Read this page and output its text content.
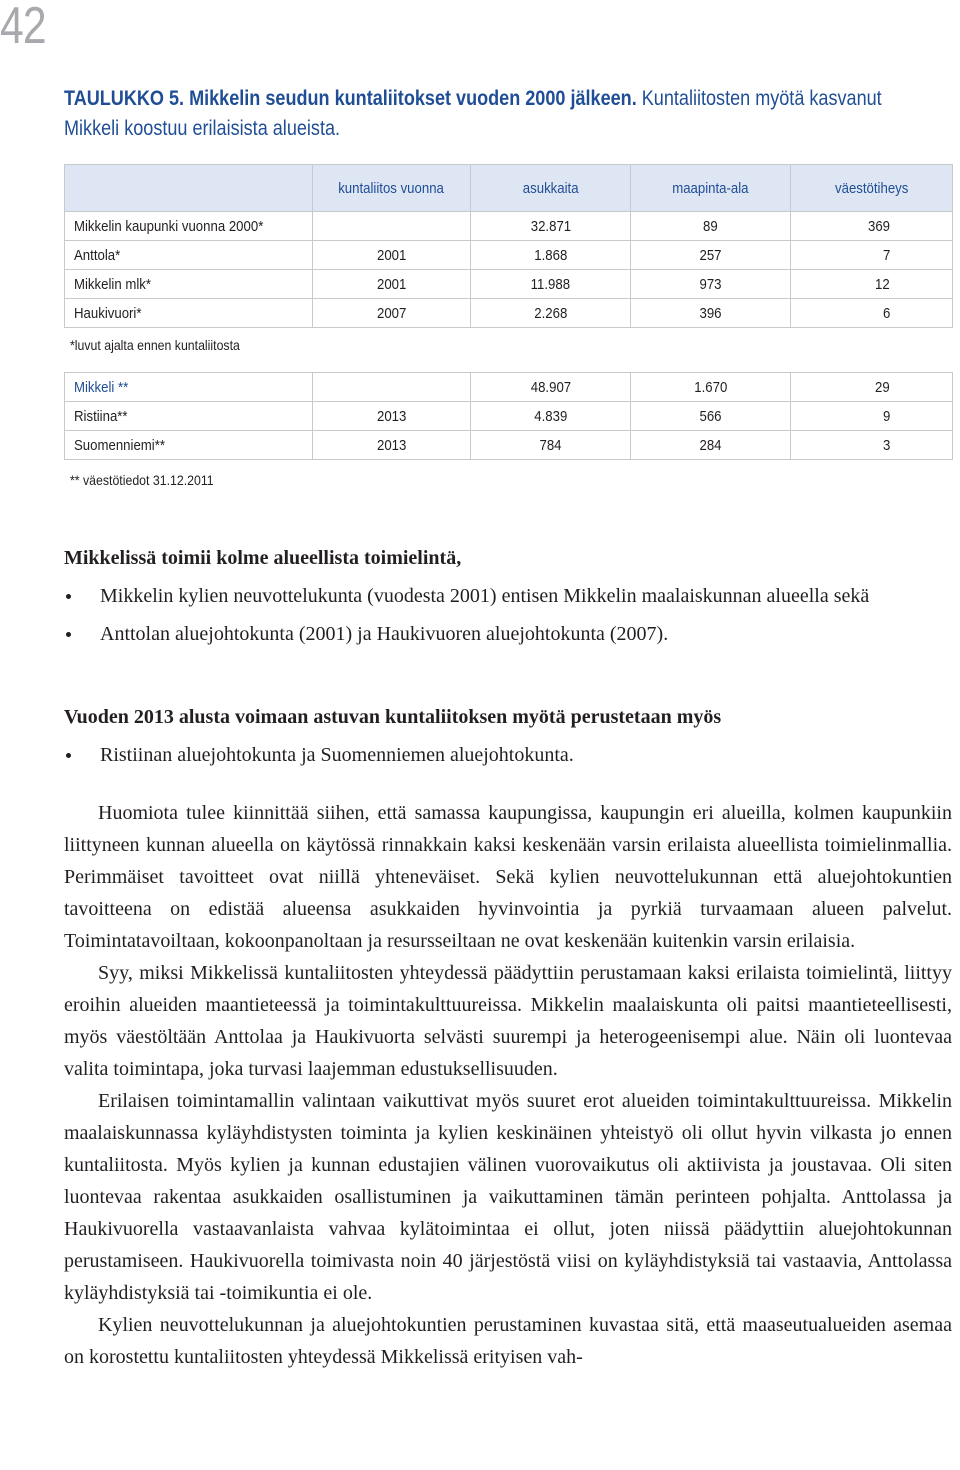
42
TAULUKKO 5. Mikkelin seudun kuntaliitokset vuoden 2000 jälkeen. Kuntaliitosten myötä kasvanut
Mikkeli koostuu erilaisista alueista.
	kuntaliitos vuonna	asukkaita	maapinta-ala	väestötiheys
Mikkelin kaupunki vuonna 2000*		32.871	89	369
Anttola*	2001	1.868	257	7
Mikkelin mlk*	2001	11.988	973	12
Haukivuori*	2007	2.268	396	6
*luvut ajalta ennen kuntaliitosta
Mikkeli **		48.907	1.670	29
Ristiina**	2013	4.839	566	9
Suomenniemi**	2013	784	284	3
** väestötiedot 31.12.2011
Mikkelissä toimii kolme alueellista toimielintä,
Mikkelin kylien neuvottelukunta (vuodesta 2001) entisen Mikkelin maalaiskunnan alueella sekä
Anttolan aluejohtokunta (2001) ja Haukivuoren aluejohtokunta (2007).
Vuoden 2013 alusta voimaan astuvan kuntaliitoksen myötä perustetaan myös
Ristiinan aluejohtokunta ja Suomenniemen aluejohtokunta.

Huomiota tulee kiinnittää siihen, että samassa kaupungissa, kaupungin eri alueilla, kolmen kaupunkiin liittyneen kunnan alueella on käytössä rinnakkain kaksi keskenään varsin erilaista alueellista toimielinmallia. Perimmäiset tavoitteet ovat niillä yhteneväiset. Sekä kylien neuvottelukunnan että aluejohtokuntien tavoitteena on edistää alueensa asukkaiden hyvinvointia ja pyrkiä turvaamaan alueen palvelut. Toimintatavoiltaan, kokoonpanoltaan ja resursseiltaan ne ovat keskenään kuitenkin varsin erilaisia.

Syy, miksi Mikkelissä kuntaliitosten yhteydessä päädyttiin perustamaan kaksi erilaista toimielintä, liittyy eroihin alueiden maantieteessä ja toimintakulttuureissa. Mikkelin maalaiskunta oli paitsi maantieteellisesti, myös väestöltään Anttolaa ja Haukivuorta selvästi suurempi ja heterogeenisempi alue. Näin oli luontevaa valita toimintapa, joka turvasi laajemman edustuksellisuuden.

Erilaisen toimintamallin valintaan vaikuttivat myös suuret erot alueiden toimintakulttuureissa. Mikkelin maalaiskunnassa kyläyhdistysten toiminta ja kylien keskinäinen yhteistyö oli ollut hyvin vilkasta jo ennen kuntaliitosta. Myös kylien ja kunnan edustajien välinen vuorovaikutus oli aktiivista ja joustavaa. Oli siten luontevaa rakentaa asukkaiden osallistuminen ja vaikuttaminen tämän perinteen pohjalta. Anttolassa ja Haukivuorella vastaavanlaista vahvaa kylätoimintaa ei ollut, joten niissä päädyttiin aluejohtokunnan perustamiseen. Haukivuorella toimivasta noin 40 järjestöstä viisi on kyläyhdistyksiä tai vastaavia, Anttolassa kyläyhdistyksiä tai -toimikuntia ei ole.

Kylien neuvottelukunnan ja aluejohtokuntien perustaminen kuvastaa sitä, että maaseutualueiden asemaa on korostettu kuntaliitosten yhteydessä Mikkelissä erityisen vah-
